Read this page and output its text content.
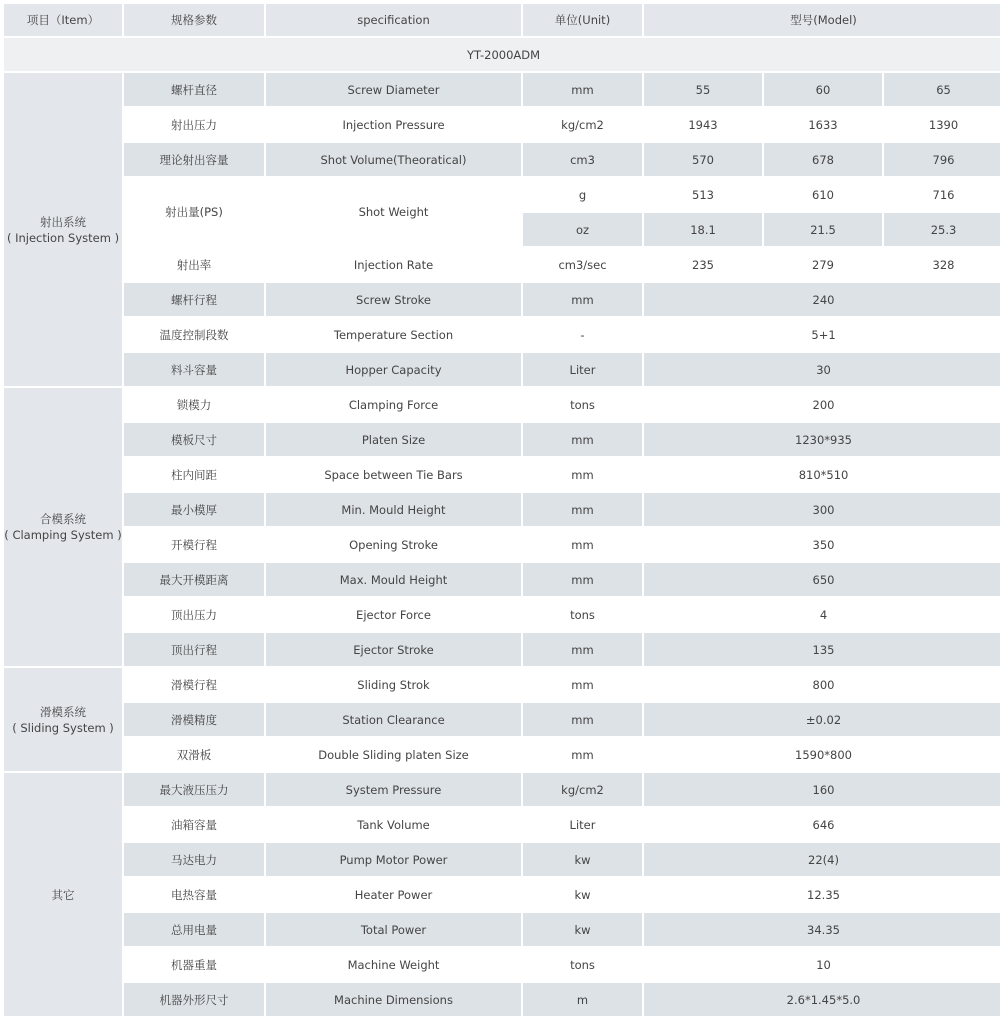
项目（Item）	规格参数	specification	单位(Unit)	型号(Model)		
YT-2000ADM						
射出系统
( Injection System )	螺杆直径	Screw Diameter	mm	55	60	65
	射出压力	Injection Pressure	kg/cm2	1943	1633	1390
	理论射出容量	Shot Volume(Theoratical)	cm3	570	678	796
	射出量(PS)	Shot Weight	g	513	610	716
			oz	18.1	21.5	25.3
	射出率	Injection Rate	cm3/sec	235	279	328
	螺杆行程	Screw Stroke	mm	240		
	温度控制段数	Temperature Section	-	5+1		
	料斗容量	Hopper Capacity	Liter	30		
合模系统
( Clamping System )	锁模力	Clamping Force	tons	200		
	模板尺寸	Platen Size	mm	1230*935		
	柱内间距	Space between Tie Bars	mm	810*510		
	最小模厚	Min. Mould Height	mm	300		
	开模行程	Opening Stroke	mm	350		
	最大开模距离	Max. Mould Height	mm	650		
	顶出压力	Ejector Force	tons	4		
	顶出行程	Ejector Stroke	mm	135		
滑模系统
( Sliding System )	滑模行程	Sliding Strok	mm	800		
	滑模精度	Station Clearance	mm	±0.02		
	双滑板	Double Sliding platen Size	mm	1590*800		
其它	最大液压压力	System Pressure	kg/cm2	160		
	油箱容量	Tank Volume	Liter	646		
	马达电力	Pump Motor Power	kw	22(4)		
	电热容量	Heater Power	kw	12.35		
	总用电量	Total Power	kw	34.35		
	机器重量	Machine Weight	tons	10		
	机器外形尺寸	Machine Dimensions	m	2.6*1.45*5.0		
